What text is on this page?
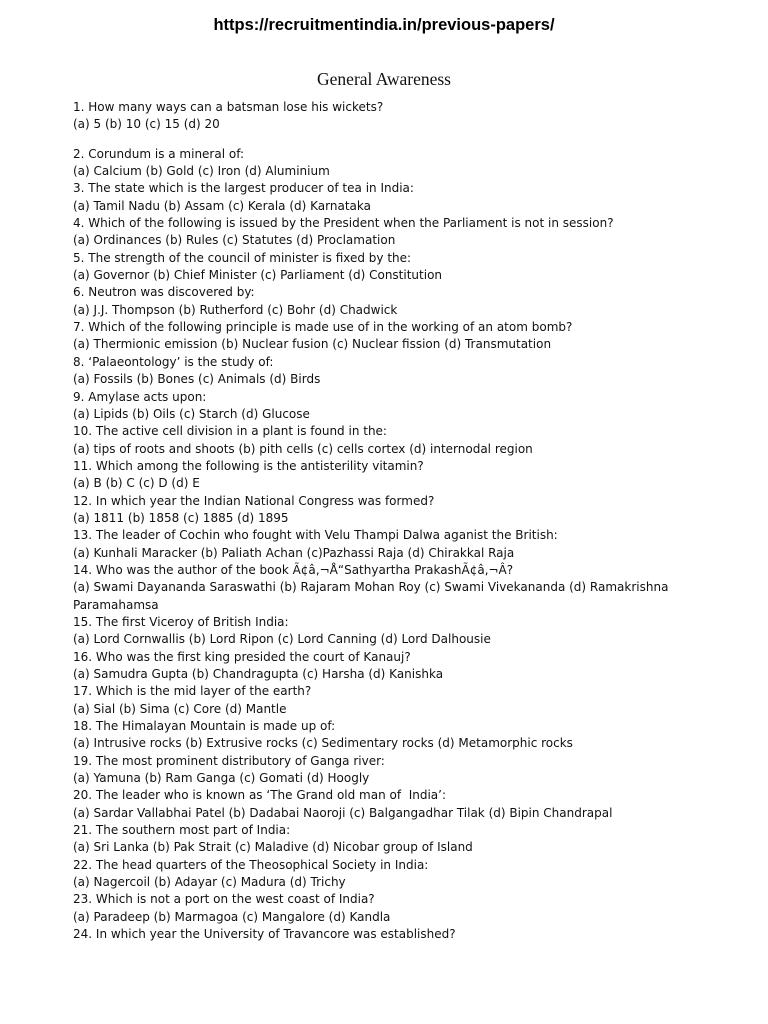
https://recruitmentindia.in/previous-papers/
General Awareness
1. How many ways can a batsman lose his wickets?
(a) 5 (b) 10 (c) 15 (d) 20
2. Corundum is a mineral of:
(a) Calcium (b) Gold (c) Iron (d) Aluminium
3. The state which is the largest producer of tea in India:
(a) Tamil Nadu (b) Assam (c) Kerala (d) Karnataka
4. Which of the following is issued by the President when the Parliament is not in session?
(a) Ordinances (b) Rules (c) Statutes (d) Proclamation
5. The strength of the council of minister is fixed by the:
(a) Governor (b) Chief Minister (c) Parliament (d) Constitution
6. Neutron was discovered by:
(a) J.J. Thompson (b) Rutherford (c) Bohr (d) Chadwick
7. Which of the following principle is made use of in the working of an atom bomb?
(a) Thermionic emission (b) Nuclear fusion (c) Nuclear fission (d) Transmutation
8. ‘Palaeontology’ is the study of:
(a) Fossils (b) Bones (c) Animals (d) Birds
9. Amylase acts upon:
(a) Lipids (b) Oils (c) Starch (d) Glucose
10. The active cell division in a plant is found in the:
(a) tips of roots and shoots (b) pith cells (c) cells cortex (d) internodal region
11. Which among the following is the antisterility vitamin?
(a) B (b) C (c) D (d) E
12. In which year the Indian National Congress was formed?
(a) 1811 (b) 1858 (c) 1885 (d) 1895
13. The leader of Cochin who fought with Velu Thampi Dalwa aganist the British:
(a) Kunhali Maracker (b) Paliath Achan (c)Pazhassi Raja (d) Chirakkal Raja
14. Who was the author of the book Ã¢â‚¬Å“Sathyartha PrakashÃ¢â‚¬Â?
(a) Swami Dayananda Saraswathi (b) Rajaram Mohan Roy (c) Swami Vivekananda (d) Ramakrishna Paramahamsa
15. The first Viceroy of British India:
(a) Lord Cornwallis (b) Lord Ripon (c) Lord Canning (d) Lord Dalhousie
16. Who was the first king presided the court of Kanauj?
(a) Samudra Gupta (b) Chandragupta (c) Harsha (d) Kanishka
17. Which is the mid layer of the earth?
(a) Sial (b) Sima (c) Core (d) Mantle
18. The Himalayan Mountain is made up of:
(a) Intrusive rocks (b) Extrusive rocks (c) Sedimentary rocks (d) Metamorphic rocks
19. The most prominent distributory of Ganga river:
(a) Yamuna (b) Ram Ganga (c) Gomati (d) Hoogly
20. The leader who is known as ‘The Grand old man of  India’:
(a) Sardar Vallabhai Patel (b) Dadabai Naoroji (c) Balgangadhar Tilak (d) Bipin Chandrapal
21. The southern most part of India:
(a) Sri Lanka (b) Pak Strait (c) Maladive (d) Nicobar group of Island
22. The head quarters of the Theosophical Society in India:
(a) Nagercoil (b) Adayar (c) Madura (d) Trichy
23. Which is not a port on the west coast of India?
(a) Paradeep (b) Marmagoa (c) Mangalore (d) Kandla
24. In which year the University of Travancore was established?
